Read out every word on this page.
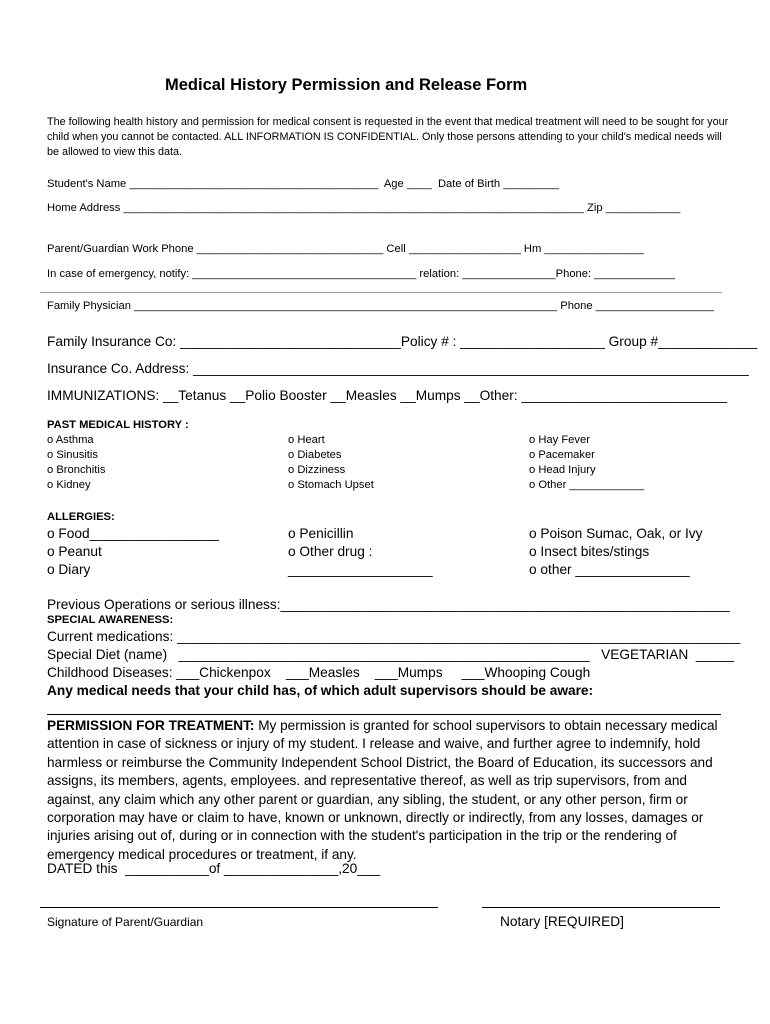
Medical History Permission and Release Form
The following health history and permission for medical consent is requested in the event that medical treatment will need to be sought for your child when you cannot be contacted. ALL INFORMATION IS CONFIDENTIAL. Only those persons attending to your child's medical needs will be allowed to view this data.
Student's Name ________________________________________  Age ____  Date of Birth _________
Home Address __________________________________________________________________________ Zip ____________
Parent/Guardian Work Phone ______________________________ Cell __________________ Hm ________________
In case of emergency, notify: ____________________________________ relation: _______________Phone: _____________
Family Physician ____________________________________________________________________ Phone ___________________
Family Insurance Co: _____________________________Policy # : ___________________ Group #_____________
Insurance Co. Address: _________________________________________________________________________
IMMUNIZATIONS: __Tetanus __Polio Booster __Measles __Mumps __Other: ___________________________
PAST MEDICAL HISTORY :
o Asthma
o Sinusitis
o Bronchitis
o Kidney
o Heart
o Diabetes
o Dizziness
o Stomach Upset
o Hay Fever
o Pacemaker
o Head Injury
o Other ____________
ALLERGIES:
o Food_________________
o Peanut
o Diary
o Penicillin
o Other drug :
___________________
o Poison Sumac, Oak, or Ivy
o Insect bites/stings
o other _______________
Previous Operations or serious illness:___________________________________________________________
SPECIAL AWARENESS:
Current medications: __________________________________________________________________________
Special Diet (name)   ______________________________________________________   VEGETARIAN  _____
Childhood Diseases: ___Chickenpox    ___Measles    ___Mumps     ___Whooping Cough
Any medical needs that your child has, of which adult supervisors should be aware:
PERMISSION FOR TREATMENT: My permission is granted for school supervisors to obtain necessary medical attention in case of sickness or injury of my student. I release and waive, and further agree to indemnify, hold harmless or reimburse the Community Independent School District, the Board of Education, its successors and assigns, its members, agents, employees. and representative thereof, as well as trip supervisors, from and against, any claim which any other parent or guardian, any sibling, the student, or any other person, firm or corporation may have or claim to have, known or unknown, directly or indirectly, from any losses, damages or injuries arising out of, during or in connection with the student's participation in the trip or the rendering of emergency medical procedures or treatment, if any.
DATED this  ___________of _______________,20___
Signature of Parent/Guardian	Notary [REQUIRED]
